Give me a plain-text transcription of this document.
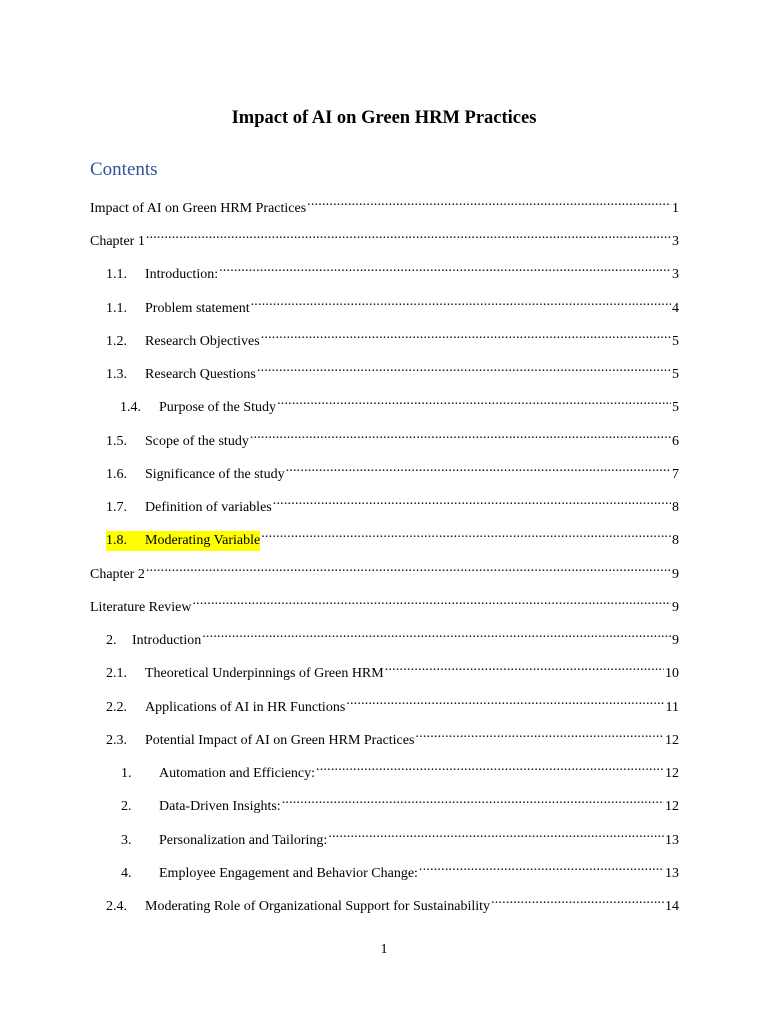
Impact of AI on Green HRM Practices
Contents
Impact of AI on Green HRM Practices .....	1
Chapter 1 .....	3
1.1.	Introduction: .....	3
1.1.	Problem statement .....	4
1.2.	Research Objectives .....	5
1.3.	Research Questions .....	5
1.4.	Purpose of the Study .....	5
1.5.	Scope of the study .....	6
1.6.	Significance of the study .....	7
1.7.	Definition of variables .....	8
1.8.	Moderating Variable .....	8
Chapter 2 .....	9
Literature Review .....	9
2.	Introduction .....	9
2.1.	Theoretical Underpinnings of Green HRM .....	10
2.2.	Applications of AI in HR Functions .....	11
2.3.	Potential Impact of AI on Green HRM Practices .....	12
1.	Automation and Efficiency: .....	12
2.	Data-Driven Insights: .....	12
3.	Personalization and Tailoring: .....	13
4.	Employee Engagement and Behavior Change: .....	13
2.4.	Moderating Role of Organizational Support for Sustainability .....	14
1
